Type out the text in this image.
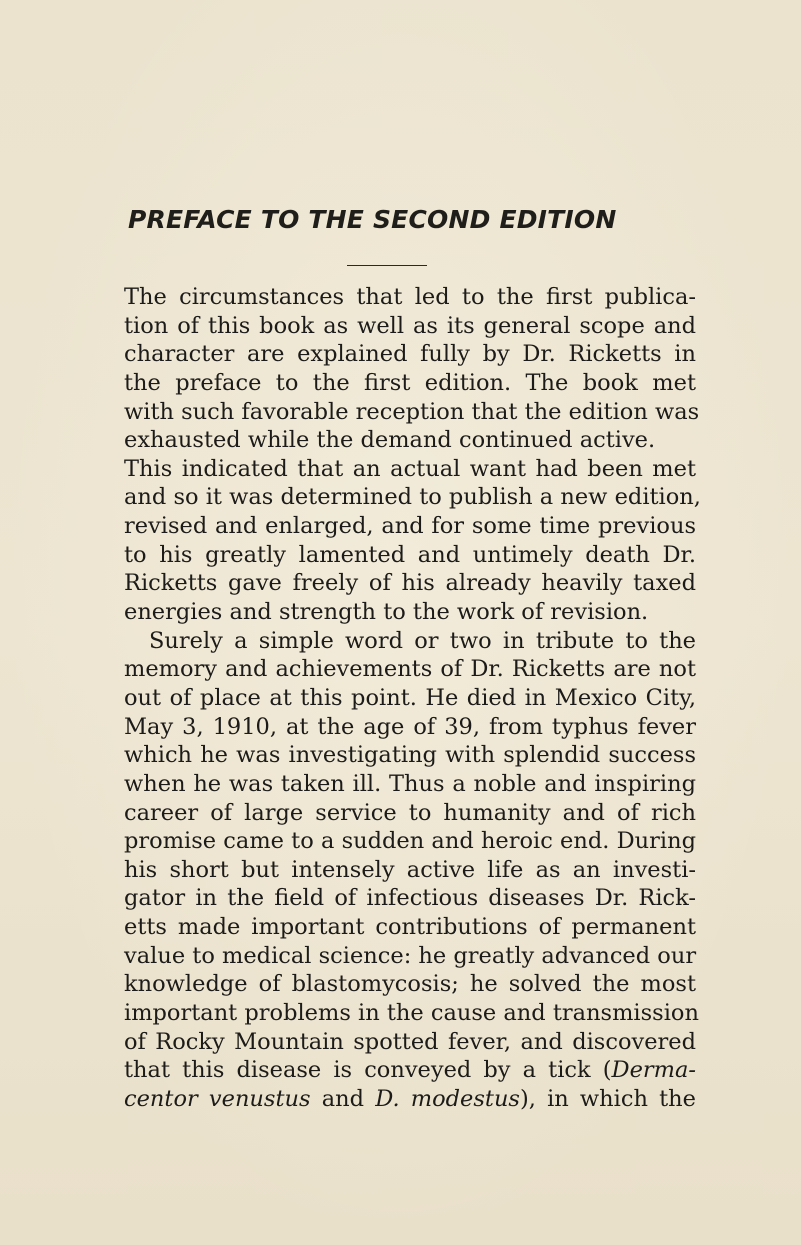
PREFACE TO THE SECOND EDITION
The circumstances that led to the first publica-
tion of this book as well as its general scope and
character are explained fully by Dr. Ricketts in
the preface to the first edition. The book met
with such favorable reception that the edition was
exhausted while the demand continued active.
This indicated that an actual want had been met
and so it was determined to publish a new edition,
revised and enlarged, and for some time previous
to his greatly lamented and untimely death Dr.
Ricketts gave freely of his already heavily taxed
energies and strength to the work of revision.
Surely a simple word or two in tribute to the
memory and achievements of Dr. Ricketts are not
out of place at this point. He died in Mexico City,
May 3, 1910, at the age of 39, from typhus fever
which he was investigating with splendid success
when he was taken ill. Thus a noble and inspiring
career of large service to humanity and of rich
promise came to a sudden and heroic end. During
his short but intensely active life as an investi-
gator in the field of infectious diseases Dr. Rick-
etts made important contributions of permanent
value to medical science: he greatly advanced our
knowledge of blastomycosis; he solved the most
important problems in the cause and transmission
of Rocky Mountain spotted fever, and discovered
that this disease is conveyed by a tick (Derma-
centor venustus and D. modestus), in which the
